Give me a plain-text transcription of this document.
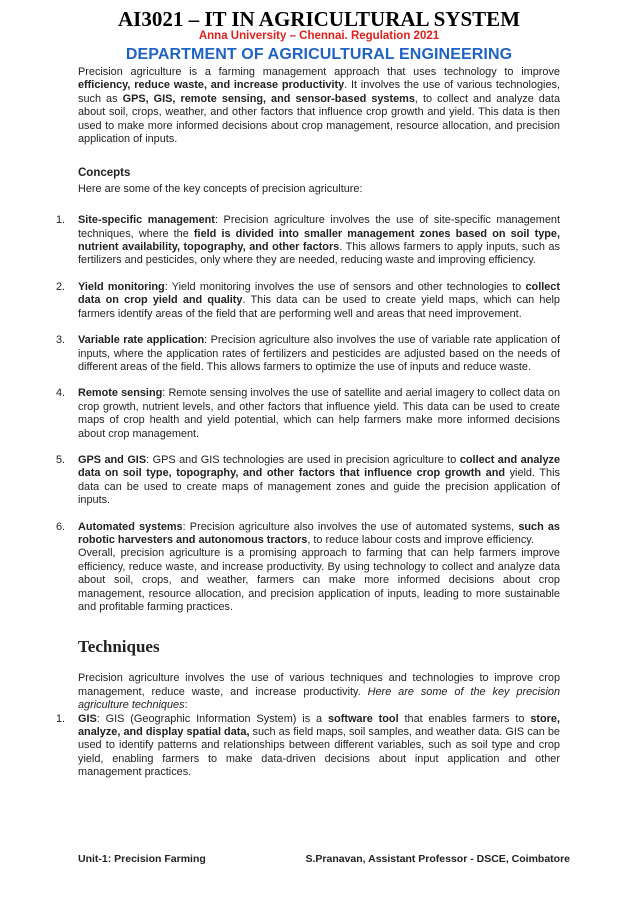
AI3021 – IT IN AGRICULTURAL SYSTEM
Anna University – Chennai. Regulation 2021
DEPARTMENT OF AGRICULTURAL ENGINEERING

Precision agriculture is a farming management approach that uses technology to improve efficiency, reduce waste, and increase productivity. It involves the use of various technologies, such as GPS, GIS, remote sensing, and sensor-based systems, to collect and analyze data about soil, crops, weather, and other factors that influence crop growth and yield. This data is then used to make more informed decisions about crop management, resource allocation, and precision application of inputs.

Concepts

Here are some of the key concepts of precision agriculture:

1. Site-specific management: Precision agriculture involves the use of site-specific management techniques, where the field is divided into smaller management zones based on soil type, nutrient availability, topography, and other factors. This allows farmers to apply inputs, such as fertilizers and pesticides, only where they are needed, reducing waste and improving efficiency.
2. Yield monitoring: Yield monitoring involves the use of sensors and other technologies to collect data on crop yield and quality. This data can be used to create yield maps, which can help farmers identify areas of the field that are performing well and areas that need improvement.
3. Variable rate application: Precision agriculture also involves the use of variable rate application of inputs, where the application rates of fertilizers and pesticides are adjusted based on the needs of different areas of the field. This allows farmers to optimize the use of inputs and reduce waste.
4. Remote sensing: Remote sensing involves the use of satellite and aerial imagery to collect data on crop growth, nutrient levels, and other factors that influence yield. This data can be used to create maps of crop health and yield potential, which can help farmers make more informed decisions about crop management.
5. GPS and GIS: GPS and GIS technologies are used in precision agriculture to collect and analyze data on soil type, topography, and other factors that influence crop growth and yield. This data can be used to create maps of management zones and guide the precision application of inputs.
6. Automated systems: Precision agriculture also involves the use of automated systems, such as robotic harvesters and autonomous tractors, to reduce labour costs and improve efficiency.

Overall, precision agriculture is a promising approach to farming that can help farmers improve efficiency, reduce waste, and increase productivity. By using technology to collect and analyze data about soil, crops, and weather, farmers can make more informed decisions about crop management, resource allocation, and precision application of inputs, leading to more sustainable and profitable farming practices.

Techniques

Precision agriculture involves the use of various techniques and technologies to improve crop management, reduce waste, and increase productivity. Here are some of the key precision agriculture techniques:

1. GIS: GIS (Geographic Information System) is a software tool that enables farmers to store, analyze, and display spatial data, such as field maps, soil samples, and weather data. GIS can be used to identify patterns and relationships between different variables, such as soil type and crop yield, enabling farmers to make data-driven decisions about input application and other management practices.
Unit-1: Precision Farming	S.Pranavan, Assistant Professor - DSCE, Coimbatore
